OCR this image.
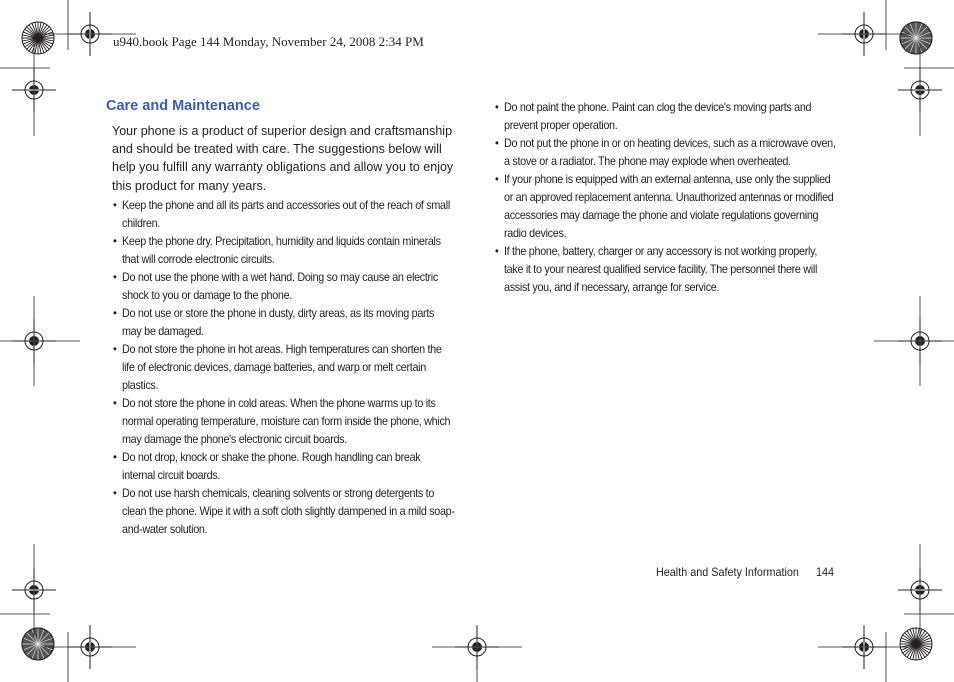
u940.book Page 144 Monday, November 24, 2008 2:34 PM
Care and Maintenance

Your phone is a product of superior design and craftsmanship and should be treated with care. The suggestions below will help you fulfill any warranty obligations and allow you to enjoy this product for many years.

• Keep the phone and all its parts and accessories out of the reach of small children.
• Keep the phone dry. Precipitation, humidity and liquids contain minerals that will corrode electronic circuits.
• Do not use the phone with a wet hand. Doing so may cause an electric shock to you or damage to the phone.
• Do not use or store the phone in dusty, dirty areas, as its moving parts may be damaged.
• Do not store the phone in hot areas. High temperatures can shorten the life of electronic devices, damage batteries, and warp or melt certain plastics.
• Do not store the phone in cold areas. When the phone warms up to its normal operating temperature, moisture can form inside the phone, which may damage the phone's electronic circuit boards.
• Do not drop, knock or shake the phone. Rough handling can break internal circuit boards.
• Do not use harsh chemicals, cleaning solvents or strong detergents to clean the phone. Wipe it with a soft cloth slightly dampened in a mild soap-and-water solution.
• Do not paint the phone. Paint can clog the device's moving parts and prevent proper operation.
• Do not put the phone in or on heating devices, such as a microwave oven, a stove or a radiator. The phone may explode when overheated.
• If your phone is equipped with an external antenna, use only the supplied or an approved replacement antenna. Unauthorized antennas or modified accessories may damage the phone and violate regulations governing radio devices.
• If the phone, battery, charger or any accessory is not working properly, take it to your nearest qualified service facility. The personnel there will assist you, and if necessary, arrange for service.
Health and Safety Information 144
